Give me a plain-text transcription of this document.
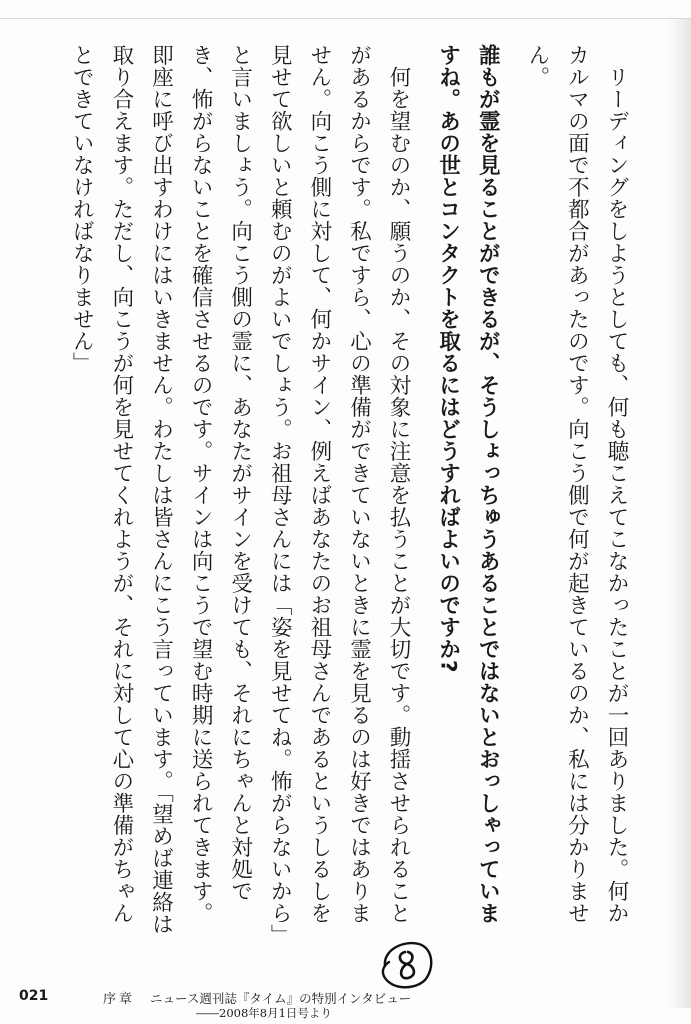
リーディングをしようとしても、何も聴こえてこなかったことが一回ありました。何かカルマの面で不都合があったのです。向こう側で何が起きているのか、私には分かりません。

誰もが霊を見ることができるが、そうしょっちゅうあることではないとおっしゃっていますね。あの世とコンタクトを取るにはどうすればよいのですか?

何を望むのか、願うのか、その対象に注意を払うことが大切です。動揺させられることがあるからです。私ですら、心の準備ができていないときに霊を見るのは好きではありません。向こう側に対して、何かサイン、例えばあなたのお祖母さんであるというしるしを見せて欲しいと頼むのがよいでしょう。お祖母さんには「姿を見せてね。怖がらないから」と言いましょう。向こう側の霊に、あなたがサインを受けても、それにちゃんと対処でき、怖がらないことを確信させるのです。サインは向こうで望む時期に送られてきます。即座に呼び出すわけにはいきません。わたしは皆さんにこう言っています。「望めば連絡は取り合えます。ただし、向こうが何を見せてくれようが、それに対して心の準備がちゃんとできていなければなりません」

021	序章 ニュース週刊誌『タイム』の特別インタビュー
――2008年8月1日号より
